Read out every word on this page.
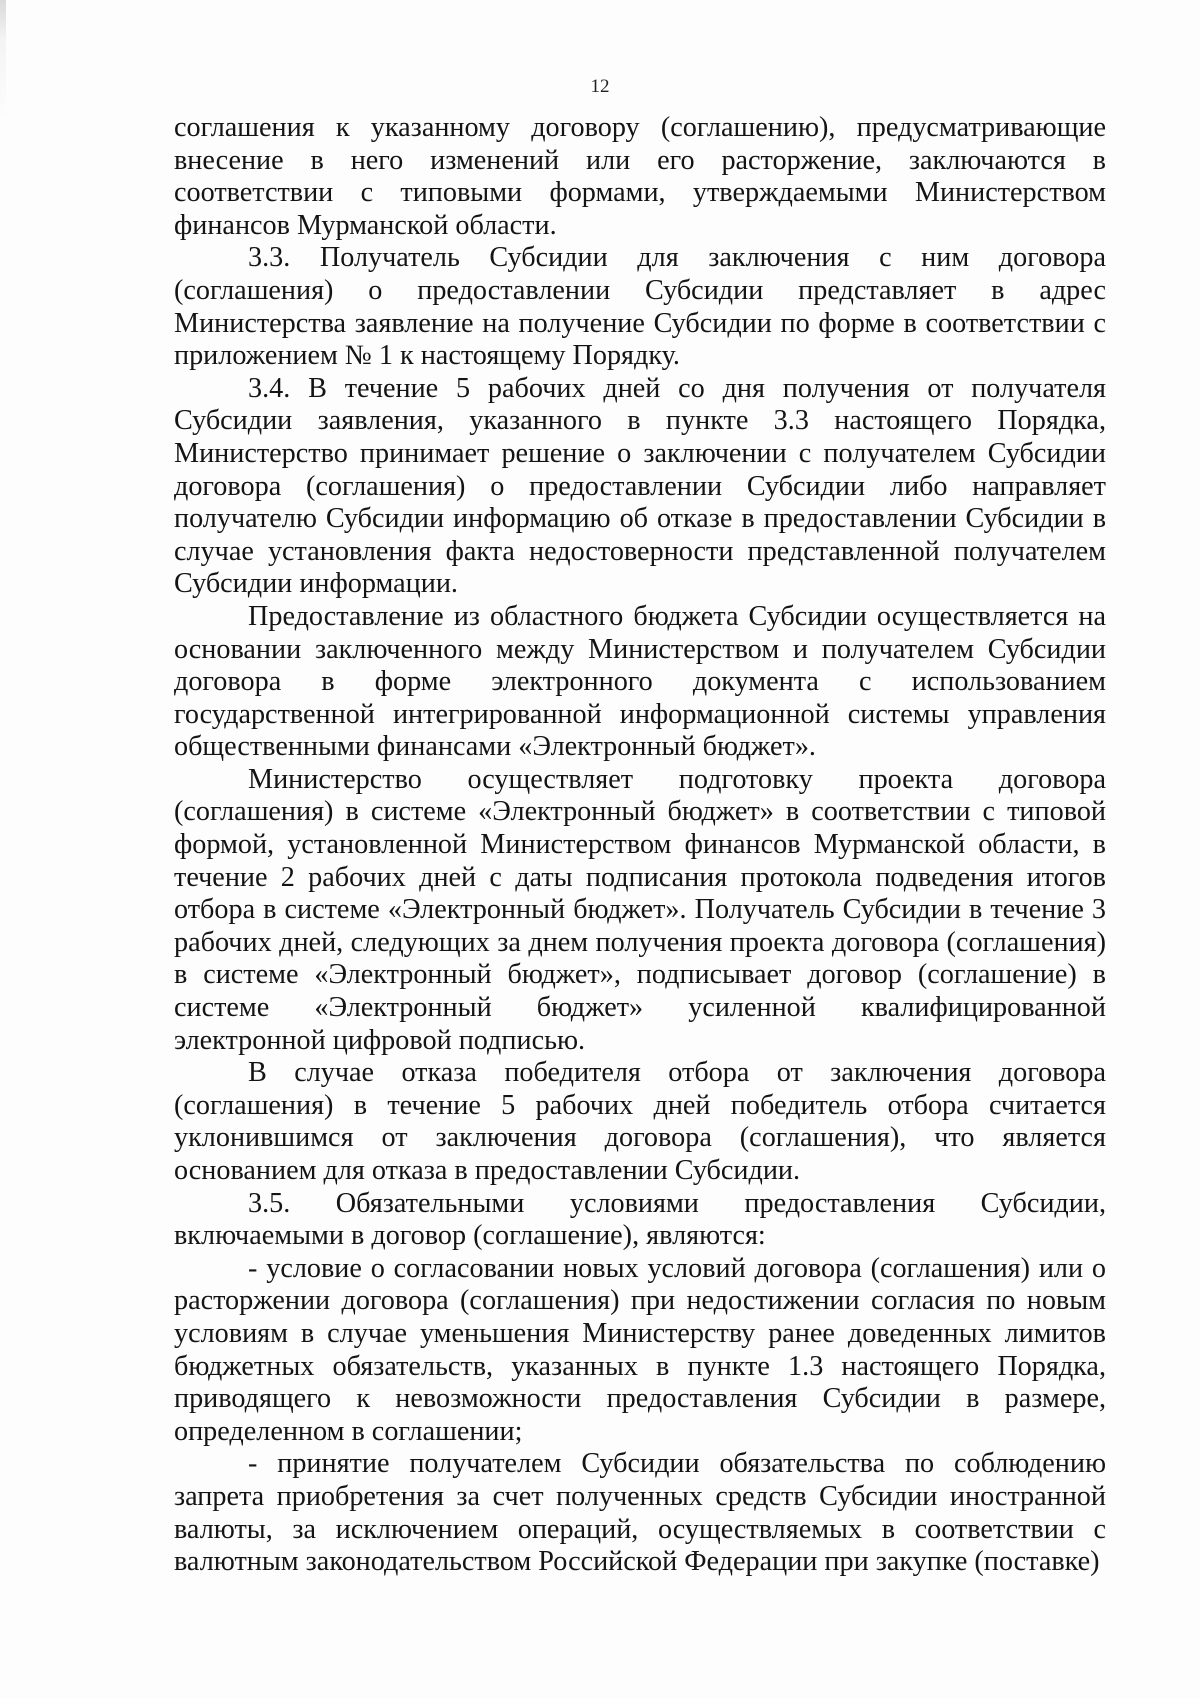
12

соглашения к указанному договору (соглашению), предусматривающие внесение в него изменений или его расторжение, заключаются в соответствии с типовыми формами, утверждаемыми Министерством финансов Мурманской области.

3.3. Получатель Субсидии для заключения с ним договора (соглашения) о предоставлении Субсидии представляет в адрес Министерства заявление на получение Субсидии по форме в соответствии с приложением № 1 к настоящему Порядку.

3.4. В течение 5 рабочих дней со дня получения от получателя Субсидии заявления, указанного в пункте 3.3 настоящего Порядка, Министерство принимает решение о заключении с получателем Субсидии договора (соглашения) о предоставлении Субсидии либо направляет получателю Субсидии информацию об отказе в предоставлении Субсидии в случае установления факта недостоверности представленной получателем Субсидии информации.

Предоставление из областного бюджета Субсидии осуществляется на основании заключенного между Министерством и получателем Субсидии договора в форме электронного документа с использованием государственной интегрированной информационной системы управления общественными финансами «Электронный бюджет».

Министерство осуществляет подготовку проекта договора (соглашения) в системе «Электронный бюджет» в соответствии с типовой формой, установленной Министерством финансов Мурманской области, в течение 2 рабочих дней с даты подписания протокола подведения итогов отбора в системе «Электронный бюджет». Получатель Субсидии в течение 3 рабочих дней, следующих за днем получения проекта договора (соглашения) в системе «Электронный бюджет», подписывает договор (соглашение) в системе «Электронный бюджет» усиленной квалифицированной электронной цифровой подписью.

В случае отказа победителя отбора от заключения договора (соглашения) в течение 5 рабочих дней победитель отбора считается уклонившимся от заключения договора (соглашения), что является основанием для отказа в предоставлении Субсидии.

3.5. Обязательными условиями предоставления Субсидии, включаемыми в договор (соглашение), являются:

- условие о согласовании новых условий договора (соглашения) или о расторжении договора (соглашения) при недостижении согласия по новым условиям в случае уменьшения Министерству ранее доведенных лимитов бюджетных обязательств, указанных в пункте 1.3 настоящего Порядка, приводящего к невозможности предоставления Субсидии в размере, определенном в соглашении;

- принятие получателем Субсидии обязательства по соблюдению запрета приобретения за счет полученных средств Субсидии иностранной валюты, за исключением операций, осуществляемых в соответствии с валютным законодательством Российской Федерации при закупке (поставке)
